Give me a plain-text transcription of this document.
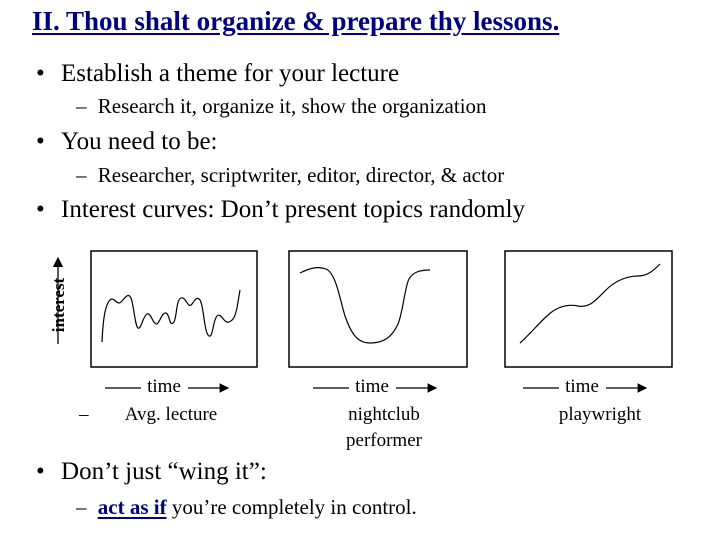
II. Thou shalt organize & prepare thy lessons.
• Establish a theme for your lecture
– Research it, organize it, show the organization
• You need to be:
– Researcher, scriptwriter, editor, director, & actor
• Interest curves: Don’t present topics randomly
interest
time	time	time
– Avg. lecture	nightclub
performer
playwright
• Don’t just “wing it”:
– act as if you’re completely in control.
